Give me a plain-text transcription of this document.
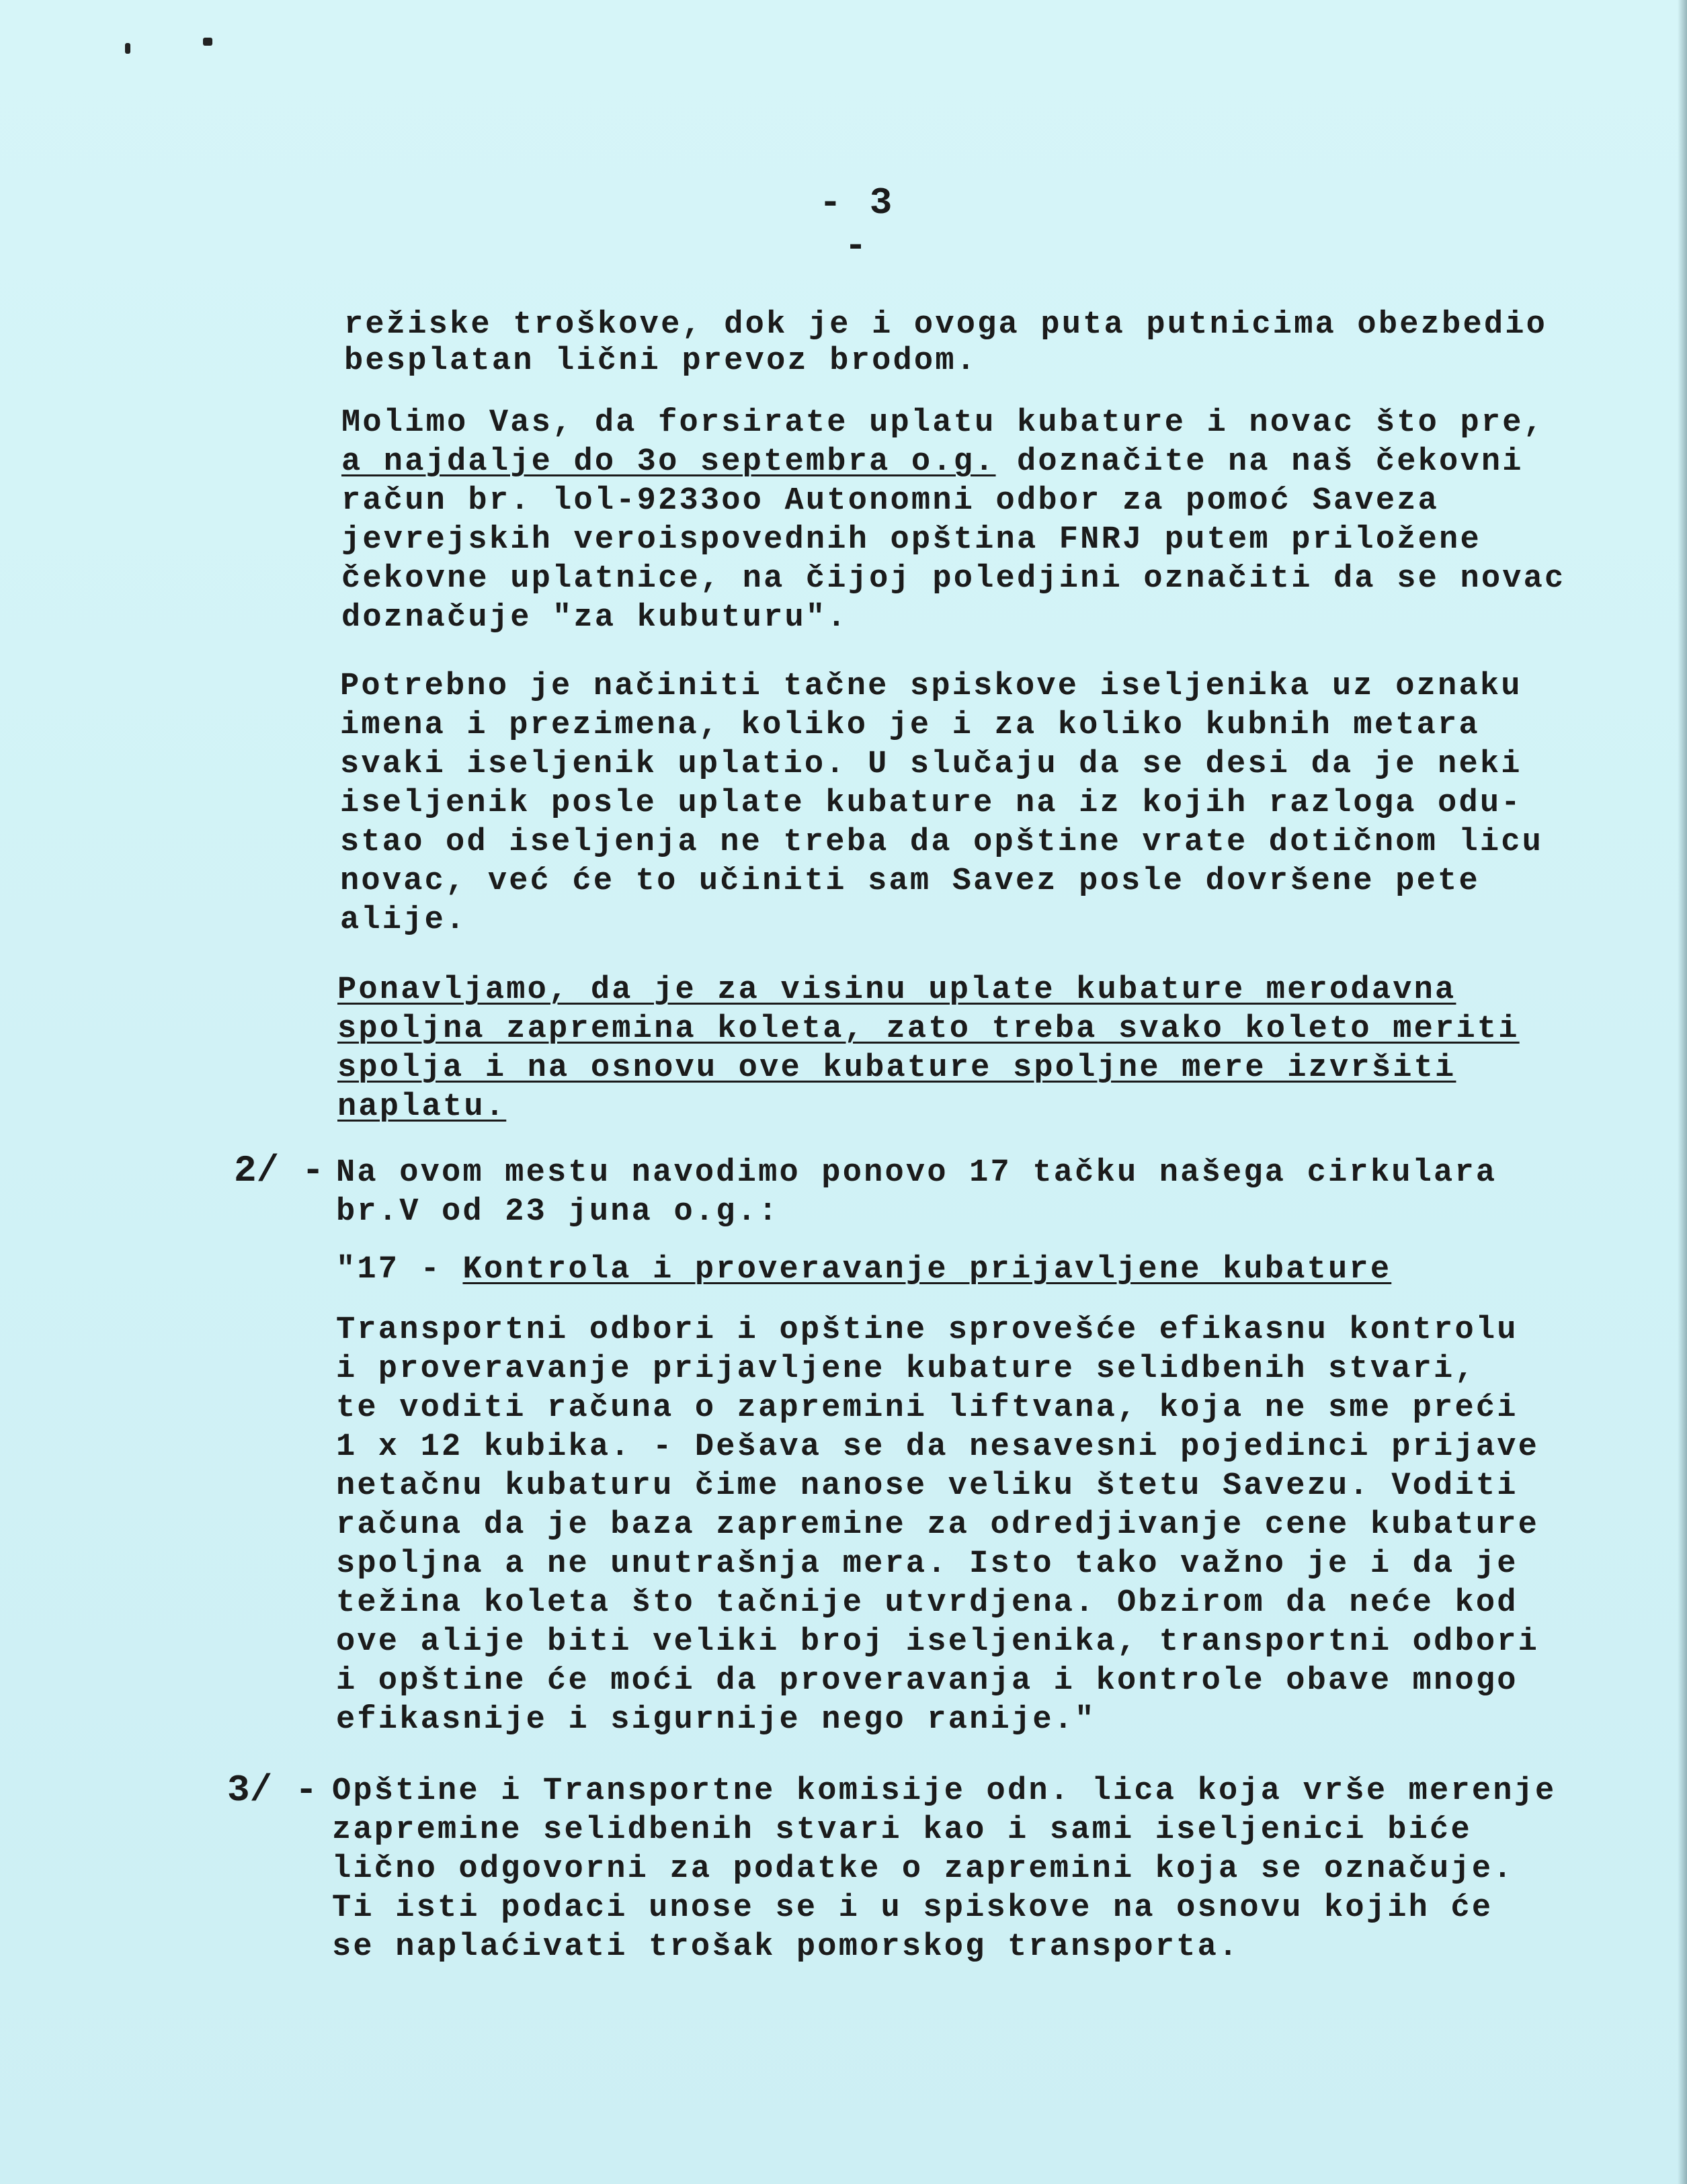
- 3 -
režiske troškove, dok je i ovoga puta putnicima obezbedio
besplatan lični prevoz brodom.
Molimo Vas, da forsirate uplatu kubature i novac što pre,
a najdalje do 3o septembra o.g. doznačite na naš čekovni
račun br. lol-9233oo Autonomni odbor za pomoć Saveza
jevrejskih veroispovednih opština FNRJ putem priložene
čekovne uplatnice, na čijoj poledjini označiti da se novac
doznačuje "za kubuturu".
Potrebno je načiniti tačne spiskove iseljenika uz oznaku
imena i prezimena, koliko je i za koliko kubnih metara
svaki iseljenik uplatio. U slučaju da se desi da je neki
iseljenik posle uplate kubature na iz kojih razloga odu-
stao od iseljenja ne treba da opštine vrate dotičnom licu
novac, već će to učiniti sam Savez posle dovršene pete
alije.
Ponavljamo, da je za visinu uplate kubature merodavna
spoljna zapremina koleta, zato treba svako koleto meriti
spolja i na osnovu ove kubature spoljne mere izvršiti
naplatu.
2/ - Na ovom mestu navodimo ponovo 17 tačku našega cirkulara
br.V od 23 juna o.g.:
"17 - Kontrola i proveravanje prijavljene kubature
Transportni odbori i opštine sprovešće efikasnu kontrolu
i proveravanje prijavljene kubature selidbenih stvari,
te voditi računa o zapremini liftvana, koja ne sme preći
1 x 12 kubika. - Dešava se da nesavesni pojedinci prijave
netačnu kubaturu čime nanose veliku štetu Savezu. Voditi
računa da je baza zapremine za odredjivanje cene kubature
spoljna a ne unutrašnja mera. Isto tako važno je i da je
težina koleta što tačnije utvrdjena. Obzirom da neće kod
ove alije biti veliki broj iseljenika, transportni odbori
i opštine će moći da proveravanja i kontrole obave mnogo
efikasnije i sigurnije nego ranije."
3/ - Opštine i Transportne komisije odn. lica koja vrše merenje
zapremine selidbenih stvari kao i sami iseljenici biće
lično odgovorni za podatke o zapremini koja se označuje.
Ti isti podaci unose se i u spiskove na osnovu kojih će
se naplaćivati trošak pomorskog transporta.
